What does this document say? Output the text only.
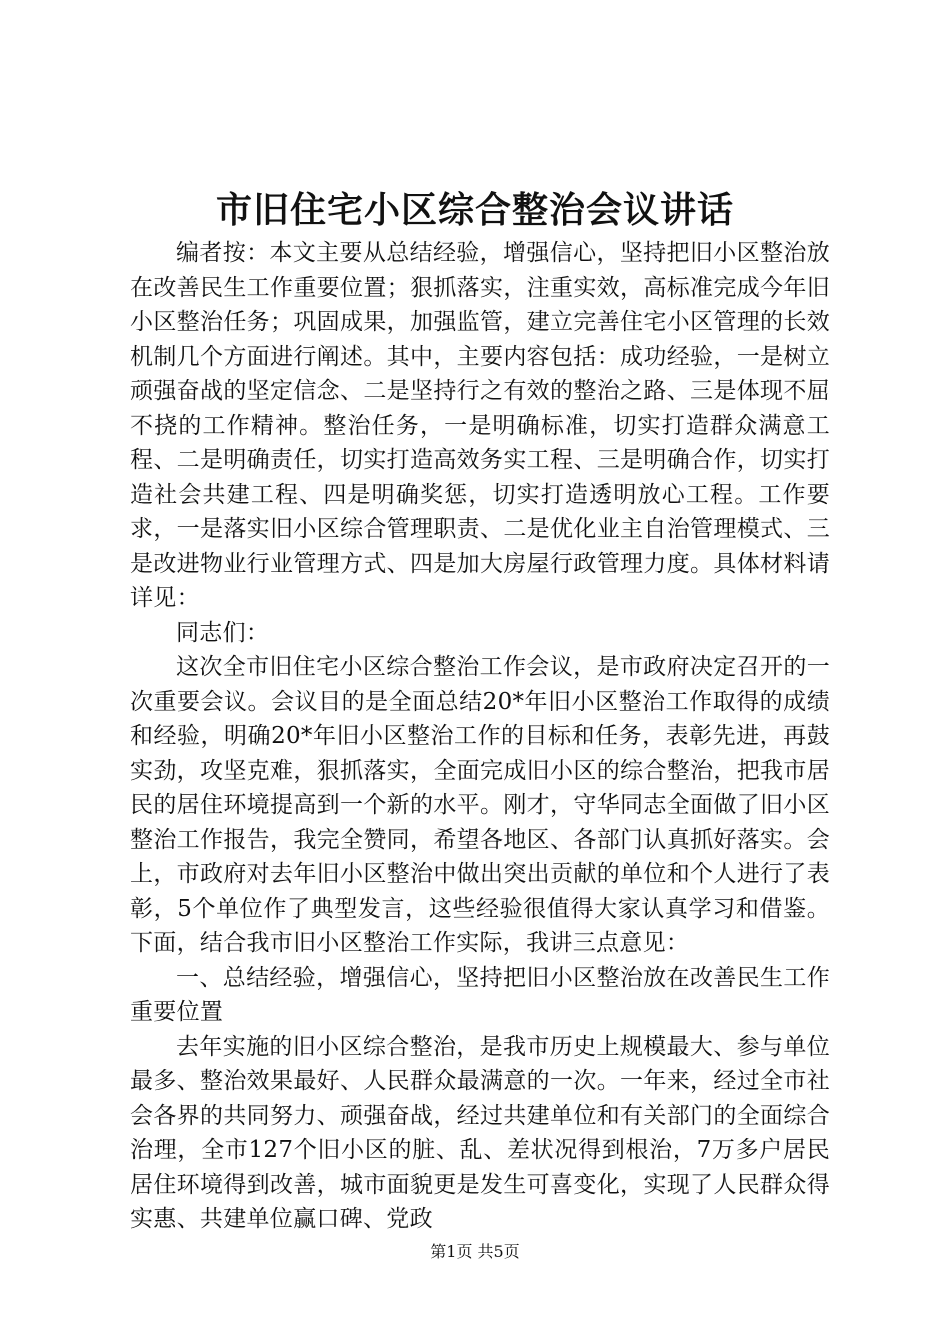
市旧住宅小区综合整治会议讲话

编者按：本文主要从总结经验，增强信心，坚持把旧小区整治放在改善民生工作重要位置；狠抓落实，注重实效，高标准完成今年旧小区整治任务；巩固成果，加强监管，建立完善住宅小区管理的长效机制几个方面进行阐述。其中，主要内容包括：成功经验，一是树立顽强奋战的坚定信念、二是坚持行之有效的整治之路、三是体现不屈不挠的工作精神。整治任务，一是明确标准，切实打造群众满意工程、二是明确责任，切实打造高效务实工程、三是明确合作，切实打造社会共建工程、四是明确奖惩，切实打造透明放心工程。工作要求，一是落实旧小区综合管理职责、二是优化业主自治管理模式、三是改进物业行业管理方式、四是加大房屋行政管理力度。具体材料请详见：

同志们：

这次全市旧住宅小区综合整治工作会议，是市政府决定召开的一次重要会议。会议目的是全面总结20*年旧小区整治工作取得的成绩和经验，明确20*年旧小区整治工作的目标和任务，表彰先进，再鼓实劲，攻坚克难，狠抓落实，全面完成旧小区的综合整治，把我市居民的居住环境提高到一个新的水平。刚才，守华同志全面做了旧小区整治工作报告，我完全赞同，希望各地区、各部门认真抓好落实。会上，市政府对去年旧小区整治中做出突出贡献的单位和个人进行了表彰，5个单位作了典型发言，这些经验很值得大家认真学习和借鉴。下面，结合我市旧小区整治工作实际，我讲三点意见：

一、总结经验，增强信心，坚持把旧小区整治放在改善民生工作重要位置

去年实施的旧小区综合整治，是我市历史上规模最大、参与单位最多、整治效果最好、人民群众最满意的一次。一年来，经过全市社会各界的共同努力、顽强奋战，经过共建单位和有关部门的全面综合治理，全市127个旧小区的脏、乱、差状况得到根治，7万多户居民居住环境得到改善，城市面貌更是发生可喜变化，实现了人民群众得实惠、共建单位赢口碑、党政

第1页 共5页
